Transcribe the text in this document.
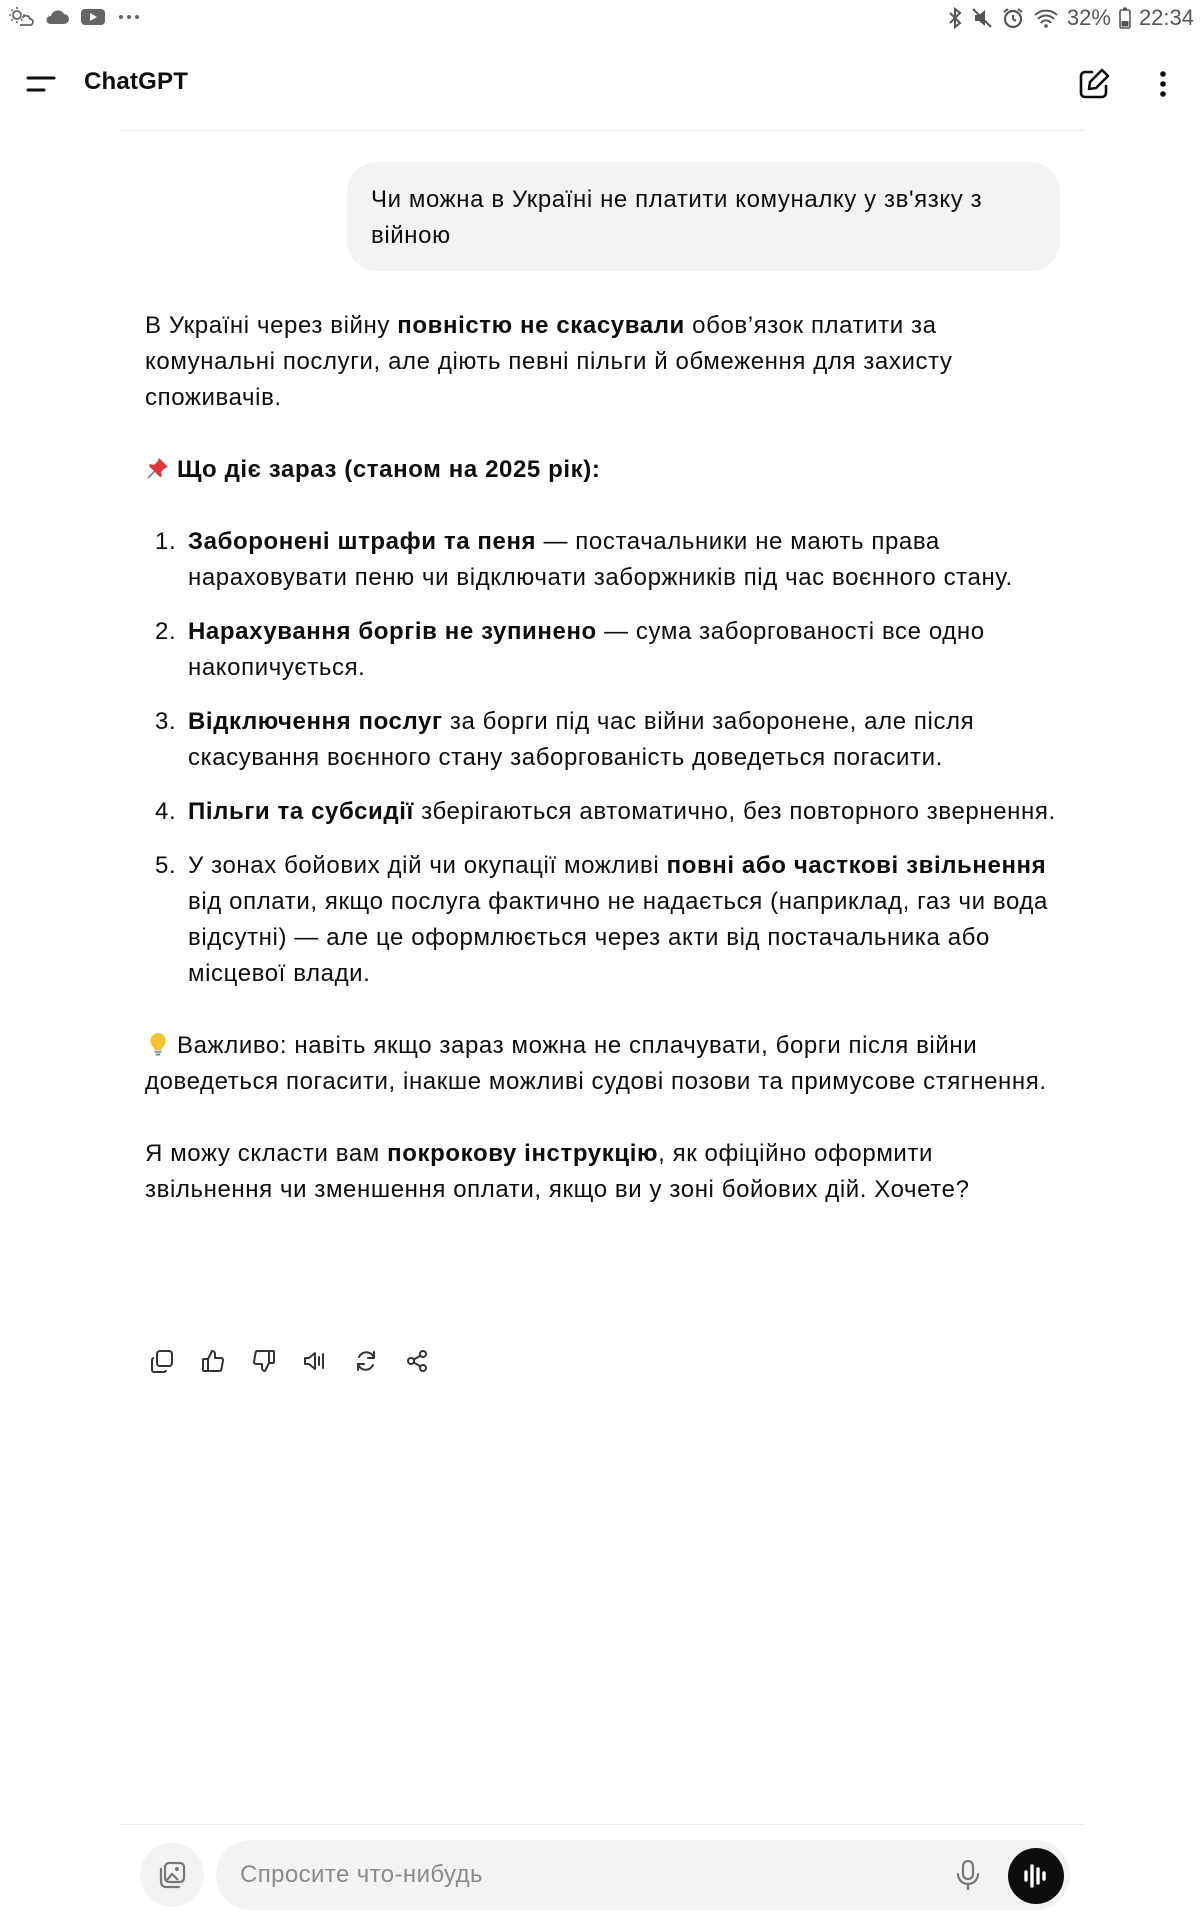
32% 22:34
ChatGPT
Чи можна в Україні не платити комуналку у зв'язку з війною

В Україні через війну повністю не скасували обов’язок платити за комунальні послуги, але діють певні пільги й обмеження для захисту споживачів.

Що діє зараз (станом на 2025 рік):

1. Заборонені штрафи та пеня — постачальники не мають права нараховувати пеню чи відключати заборжників під час воєнного стану.
2. Нарахування боргів не зупинено — сума заборгованості все одно накопичується.
3. Відключення послуг за борги під час війни заборонене, але після скасування воєнного стану заборгованість доведеться погасити.
4. Пільги та субсидії зберігаються автоматично, без повторного звернення.
5. У зонах бойових дій чи окупації можливі повні або часткові звільнення від оплати, якщо послуга фактично не надається (наприклад, газ чи вода відсутні) — але це оформлюється через акти від постачальника або місцевої влади.

Важливо: навіть якщо зараз можна не сплачувати, борги після війни доведеться погасити, інакше можливі судові позови та примусове стягнення.

Я можу скласти вам покрокову інструкцію, як офіційно оформити звільнення чи зменшення оплати, якщо ви у зоні бойових дій. Хочете?

Спросите что-нибудь
